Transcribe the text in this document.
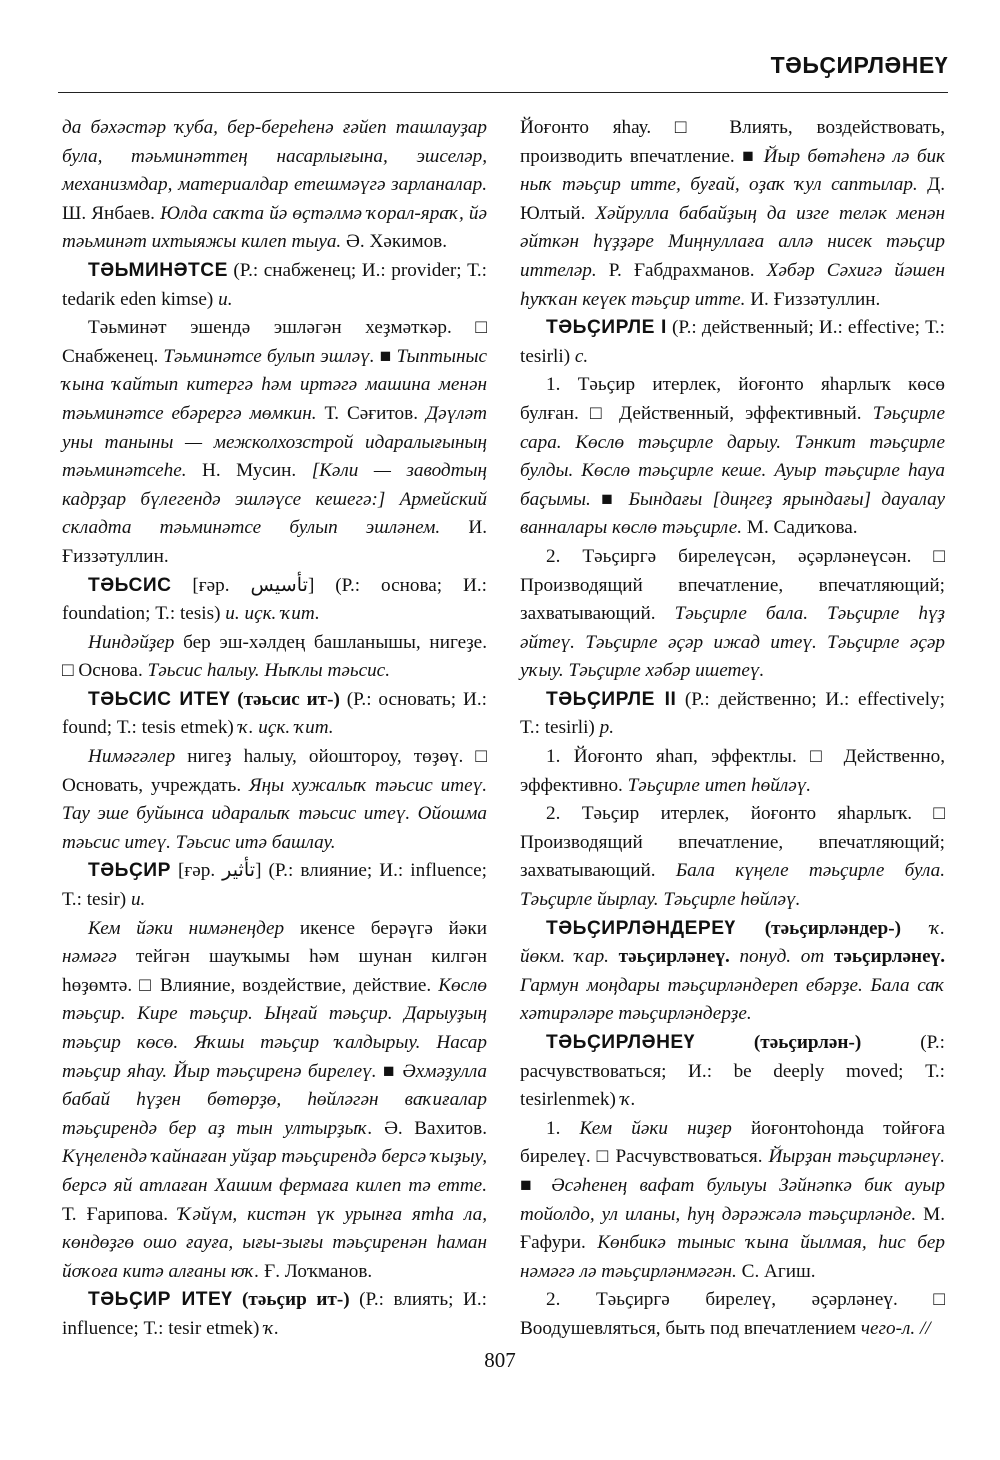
ТӘЬҪИРЛӘНЕҮ

да бәхәстәр ҡуба, бер-береһенә ғәйеп ташлауҙар була, тәьминәттең насарлығына, эшселәр, механизмдар, материалдар етешмәүгә зарланалар. Ш. Янбаев. Юлда саҡта йә өҫтәлмә ҡорал-яраҡ, йә тәьминәт ихтыяжы килеп тыуа. Ә. Хәкимов.

ТӘЬМИНӘТСЕ (Р.: снабженец; И.: provider; Т.: tedarik eden kimse) и.

Тәьминәт эшендә эшләгән хеҙмәткәр. □ Снабженец. Тәьминәтсе булып эшләү. ■ Тыптыныс ҡына ҡайтып китергә һәм иртәгә машина менән тәьминәтсе ебәрергә мөмкин. Т. Сәғитов. Дәүләт уны таныны — межколхозстрой идаралығының тәьминәтсеһе. Н. Мусин. [Кәли — заводтың кадрҙар бүлегендә эшләүсе кешегә:] Армейский складта тәьминәтсе булып эшләнем. И. Ғиззәтуллин.

ТӘЬСИС [ғәр. تأسيس] (Р.: основа; И.: foundation; Т.: tesis) и. иҫк. ҡит.

Ниндәйҙер бер эш-хәлдең башланышы, нигеҙе. □ Основа. Тәьсис һалыу. Ныҡлы тәьсис.

ТӘЬСИС ИТЕҮ (тәьсис ит-) (Р.: основать; И.: found; Т.: tesis etmek) ҡ. иҫк. ҡит.

Нимәгәлер нигеҙ һалыу, ойоштороу, төҙөү. □ Основать, учреждать. Яңы хужалыҡ тәьсис итеү. Тау эше буйынса идаралыҡ тәьсис итеү. Ойошма тәьсис итеү. Тәьсис итә башлау.

ТӘЬҪИР [ғәр. تأثير] (Р.: влияние; И.: influence; Т.: tesir) и.

Кем йәки нимәнеңдер икенсе берәүгә йәки нәмәгә тейгән шауҡымы һәм шунан килгән һөҙөмтә. □ Влияние, воздействие, действие. Көслө тәьҫир. Кире тәьҫир. Ыңғай тәьҫир. Дарыуҙың тәьҫир көсө. Яҡшы тәьҫир ҡалдырыу. Насар тәьҫир яһау. Йыр тәьҫиренә бирелеү. ■ Әхмәҙулла бабай һүҙен бөтөрҙө, һөйләгән ваҡиғалар тәьҫирендә бер аҙ тын ултырҙыҡ. Ә. Вахитов. Күңелендә ҡайнаған уйҙар тәьҫирендә берсә ҡыҙыу, берсә яй атлаған Хашим фермаға килеп тә етте. Т. Ғарипова. Ҡәйүм, кистән үк урынға ятһа ла, көндөҙгө ошо ғауға, ығы-зығы тәьҫиренән һаман йоҡоға китә алғаны юҡ. Ғ. Лоҡманов.

ТӘЬҪИР ИТЕҮ (тәьҫир ит-) (Р.: влиять; И.: influence; Т.: tesir etmek) ҡ.

Йоғонто яһау. □ Влиять, воздействовать, производить впечатление. ■ Йыр бөтәһенә лә бик ныҡ тәьҫир итте, буғай, оҙаҡ ҡул саптылар. Д. Юлтый. Хәйрулла бабайҙың да изге теләк менән әйткән һүҙҙәре Миңнуллаға аллә нисек тәьҫир иттеләр. Р. Ғабдрахманов. Хәбәр Сәхигә йәшен һуҡҡан кеүек тәьҫир итте. И. Ғиззәтуллин.

ТӘЬҪИРЛЕ I (Р.: действенный; И.: effective; Т.: tesirli) с.

1. Тәьҫир итерлек, йоғонто яһарлыҡ көсө булған. □ Действенный, эффективный. Тәьҫирле сара. Көслө тәьҫирле дарыу. Тәнкит тәьҫирле булды. Көслө тәьҫирле кеше. Ауыр тәьҫирле һауа баҫымы. ■ Бындағы [диңгеҙ ярындағы] дауалау ванналары көслө тәьҫирле. М. Садиҡова.

2. Тәьҫиргә бирелеүсән, әҫәрләнеүсән. □ Производящий впечатление, впечатляющий; захватывающий. Тәьҫирле бала. Тәьҫирле һүҙ әйтеү. Тәьҫирле әҫәр ижад итеү. Тәьҫирле әҫәр уҡыу. Тәьҫирле хәбәр ишетеү.

ТӘЬҪИРЛЕ II (Р.: действенно; И.: effectively; Т.: tesirli) р.

1. Йоғонто яһап, эффектлы. □ Действенно, эффективно. Тәьҫирле итеп һөйләү.

2. Тәьҫир итерлек, йоғонто яһарлыҡ. □ Производящий впечатление, впечатляющий; захватывающий. Бала күңеле тәьҫирле була. Тәьҫирле йырлау. Тәьҫирле һөйләү.

ТӘЬҪИРЛӘНДЕРЕҮ (тәьҫирләндер-) ҡ. йөкм. ҡар. тәьҫирләнеү. понуд. от тәьҫирләнеү. Гармун моңдары тәьҫирләндереп ебәрҙе. Бала саҡ хәтирәләре тәьҫирләндерҙе.

ТӘЬҪИРЛӘНЕҮ	(тәьҫирлән-)	(Р.: расчувствоваться; И.: be deeply moved; Т.: tesirlenmek) ҡ.

1. Кем йәки ниҙер йоғонтоһонда тойғоға бирелеү. □ Расчувствоваться. Йырҙан тәьҫирләнеү. ■ Әсәһенең вафат булыуы Зәйнәпкә бик ауыр тойолдо, ул иланы, һуң дәрәжәлә тәьҫирләнде. М. Ғафури. Көнбикә тыныс ҡына йылмая, һис бер нәмәгә лә тәьҫирләнмәгән. С. Агиш.

2. Тәьҫиргә бирелеү, әҫәрләнеү. □ Воодушевляться, быть под впечатлением чего-л. //

807
